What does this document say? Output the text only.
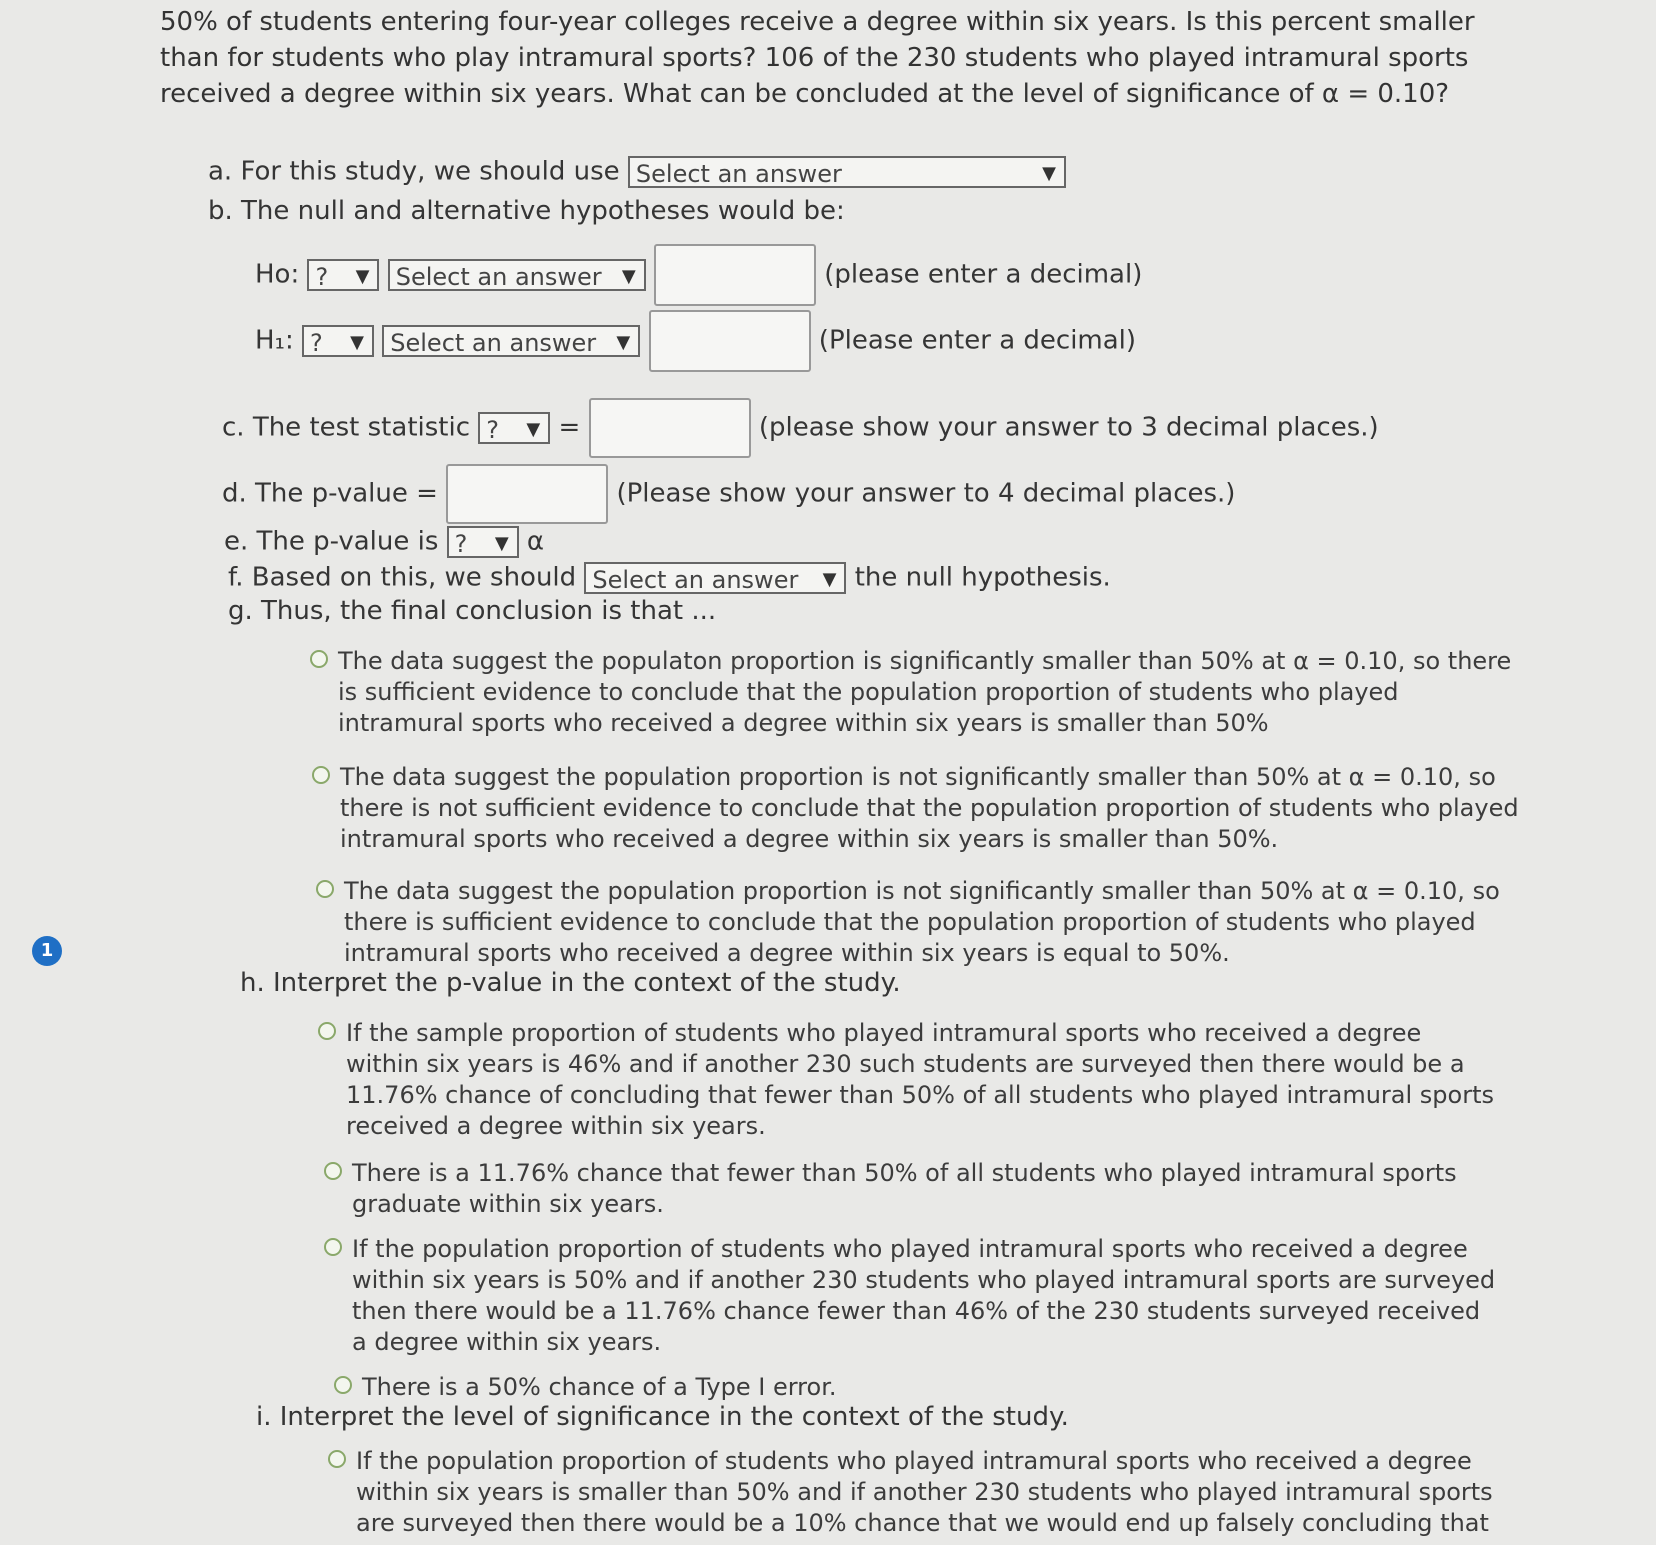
50% of students entering four-year colleges receive a degree within six years. Is this percent smaller than for students who play intramural sports? 106 of the 230 students who played intramural sports received a degree within six years. What can be concluded at the level of significance of α = 0.10?
a. For this study, we should use Select an answer	▼
b. The null and alternative hypotheses would be:
Ho: ? ▼ Select an answer ▼	(please enter a decimal)
H₁: ? ▼ Select an answer ▼	(Please enter a decimal)
c. The test statistic ? ▼ =	(please show your answer to 3 decimal places.)
d. The p-value =	(Please show your answer to 4 decimal places.)
e. The p-value is ? ▼ α
f. Based on this, we should Select an answer ▼ the null hypothesis.
g. Thus, the final conclusion is that ...
The data suggest the populaton proportion is significantly smaller than 50% at α = 0.10, so there is sufficient evidence to conclude that the population proportion of students who played intramural sports who received a degree within six years is smaller than 50%
The data suggest the population proportion is not significantly smaller than 50% at α = 0.10, so there is not sufficient evidence to conclude that the population proportion of students who played intramural sports who received a degree within six years is smaller than 50%.
The data suggest the population proportion is not significantly smaller than 50% at α = 0.10, so there is sufficient evidence to conclude that the population proportion of students who played intramural sports who received a degree within six years is equal to 50%.
h. Interpret the p-value in the context of the study.
If the sample proportion of students who played intramural sports who received a degree within six years is 46% and if another 230 such students are surveyed then there would be a 11.76% chance of concluding that fewer than 50% of all students who played intramural sports received a degree within six years.
There is a 11.76% chance that fewer than 50% of all students who played intramural sports graduate within six years.
If the population proportion of students who played intramural sports who received a degree within six years is 50% and if another 230 students who played intramural sports are surveyed then there would be a 11.76% chance fewer than 46% of the 230 students surveyed received a degree within six years.
There is a 50% chance of a Type I error.
i. Interpret the level of significance in the context of the study.
If the population proportion of students who played intramural sports who received a degree within six years is smaller than 50% and if another 230 students who played intramural sports are surveyed then there would be a 10% chance that we would end up falsely concluding that
1
